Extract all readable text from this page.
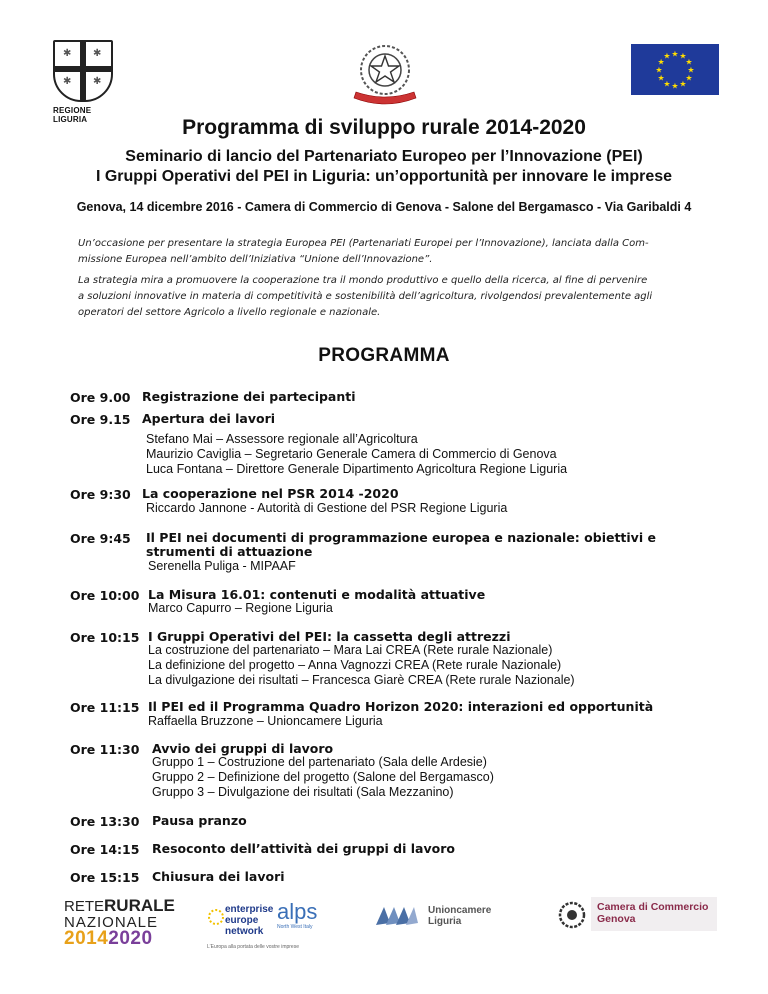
✱ ✱
✱ ✱
REGIONE LIGURIA
★ ★
★
★
★
★
★
★
★
★
★
★
Programma di sviluppo rurale 2014-2020
Seminario di lancio del Partenariato Europeo per l’Innovazione (PEI)
I Gruppi Operativi del PEI in Liguria: un’opportunità per innovare le imprese
Genova, 14 dicembre 2016 - Camera di Commercio di Genova - Salone del Bergamasco - Via Garibaldi 4
Un’occasione per presentare la strategia Europea PEI (Partenariati Europei per l’Innovazione), lanciata dalla Com-
missione Europea nell’ambito dell’Iniziativa “Unione dell’Innovazione”.
La strategia mira a promuovere la cooperazione tra il mondo produttivo e quello della ricerca, al fine di pervenire
a soluzioni innovative in materia di competitività e sostenibilità dell’agricoltura, rivolgendosi prevalentemente agli
operatori del settore Agricolo a livello regionale e nazionale.
PROGRAMMA
Ore 9.00 Registrazione dei partecipanti
Ore 9.15 Apertura dei lavori
Stefano Mai – Assessore regionale all’Agricoltura
Maurizio Caviglia – Segretario Generale Camera di Commercio di Genova
Luca Fontana – Direttore Generale Dipartimento Agricoltura Regione Liguria
Ore 9:30 La cooperazione nel PSR 2014 -2020
Riccardo Jannone - Autorità di Gestione del PSR Regione Liguria
Ore 9:45 Il PEI nei documenti di programmazione europea e nazionale: obiettivi e
strumenti di attuazione
Serenella Puliga - MIPAAF
Ore 10:00 La Misura 16.01: contenuti e modalità attuative
Marco Capurro – Regione Liguria
Ore 10:15 I Gruppi Operativi del PEI: la cassetta degli attrezzi
La costruzione del partenariato – Mara Lai CREA (Rete rurale Nazionale)
La definizione del progetto – Anna Vagnozzi CREA (Rete rurale Nazionale)
La divulgazione dei risultati – Francesca Giarè CREA (Rete rurale Nazionale)
Ore 11:15 Il PEI ed il Programma Quadro Horizon 2020: interazioni ed opportunità
Raffaella Bruzzone – Unioncamere Liguria
Ore 11:30 Avvio dei gruppi di lavoro
Gruppo 1 – Costruzione del partenariato (Sala delle Ardesie)
Gruppo 2 – Definizione del progetto (Salone del Bergamasco)
Gruppo 3 – Divulgazione dei risultati (Sala Mezzanino)
Ore 13:30 Pausa pranzo
Ore 14:15 Resoconto dell’attività dei gruppi di lavoro
Ore 15:15 Chiusura dei lavori
RETERURALE
NAZIONALE
20142020
enterprise
europe
network
L’Europa alla portata delle vostre imprese
alps
North West Italy
Unioncamere
Liguria
Camera di Commercio
Genova
